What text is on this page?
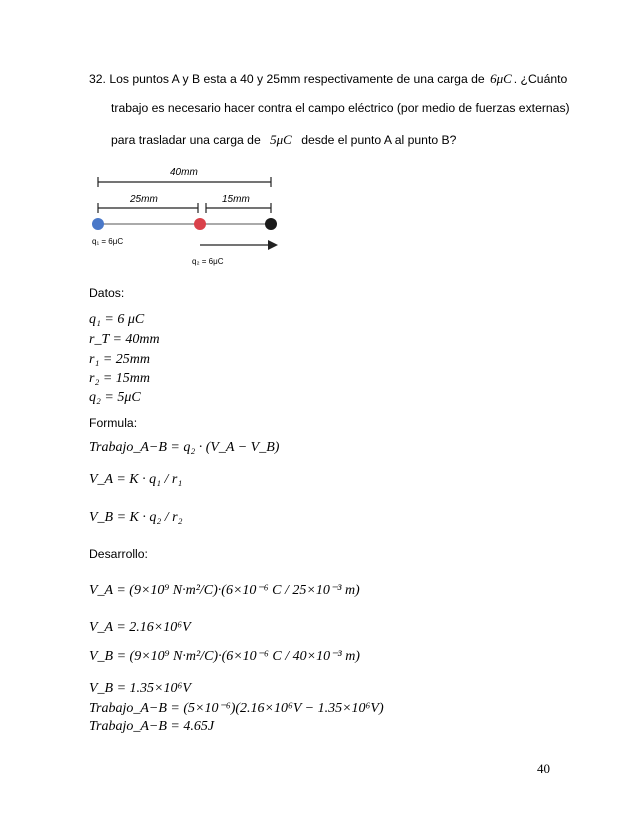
32. Los puntos A y B esta a 40 y 25mm respectivamente de una carga de 6μC . ¿Cuánto
trabajo es necesario hacer contra el campo eléctrico (por medio de fuerzas externas)
para trasladar una carga de 5μC desde el punto A al punto B?
40mm
25mm	15mm
q₁ = 6μC
q₂ = 6μC
Datos:
q₁ = 6 μC
r_T = 40mm
r₁ = 25mm
r₂ = 15mm
q₂ = 5μC
Formula:
Trabajo_A−B = q₂ · (V_A − V_B)
V_A = K · q₁ / r₁
V_B = K · q₂ / r₂
Desarrollo:
V_A = (9×10⁹ N·m²/C)·(6×10⁻⁶ C / 25×10⁻³ m)
V_A = 2.16×10⁶V
V_B = (9×10⁹ N·m²/C)·(6×10⁻⁶ C / 40×10⁻³ m)
V_B = 1.35×10⁶V
Trabajo_A−B = (5×10⁻⁶)(2.16×10⁶V − 1.35×10⁶V)
Trabajo_A−B = 4.65J
40
